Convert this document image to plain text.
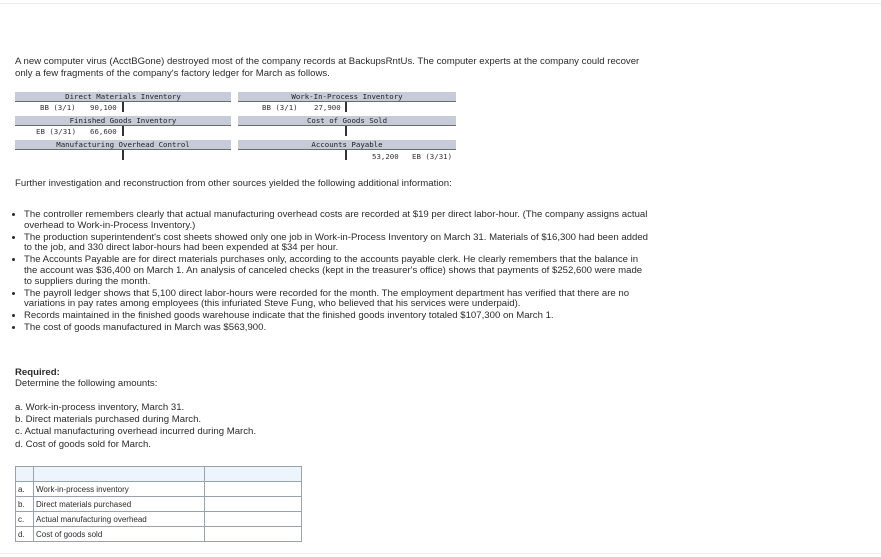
A new computer virus (AcctBGone) destroyed most of the company records at BackupsRntUs. The computer experts at the company could recover only a few fragments of the company's factory ledger for March as follows.
Direct Materials Inventory
BB (3/1) 90,100
Work-In-Process Inventory
BB (3/1) 27,900
Finished Goods Inventory
EB (3/31) 66,600
Cost of Goods Sold
Manufacturing Overhead Control	Accounts Payable
53,200 EB (3/31)
Further investigation and reconstruction from other sources yielded the following additional information:
• The controller remembers clearly that actual manufacturing overhead costs are recorded at $19 per direct labor-hour. (The company assigns actual overhead to Work-in-Process Inventory.)
• The production superintendent's cost sheets showed only one job in Work-in-Process Inventory on March 31. Materials of $16,300 had been added to the job, and 330 direct labor-hours had been expended at $34 per hour.
• The Accounts Payable are for direct materials purchases only, according to the accounts payable clerk. He clearly remembers that the balance in the account was $36,400 on March 1. An analysis of canceled checks (kept in the treasurer's office) shows that payments of $252,600 were made to suppliers during the month.
• The payroll ledger shows that 5,100 direct labor-hours were recorded for the month. The employment department has verified that there are no variations in pay rates among employees (this infuriated Steve Fung, who believed that his services were underpaid).
• Records maintained in the finished goods warehouse indicate that the finished goods inventory totaled $107,300 on March 1.
• The cost of goods manufactured in March was $563,900.
Required:
Determine the following amounts:
a. Work-in-process inventory, March 31.
b. Direct materials purchased during March.
c. Actual manufacturing overhead incurred during March.
d. Cost of goods sold for March.

a.	Work-in-process inventory	
b.	Direct materials purchased	
c.	Actual manufacturing overhead	
d.	Cost of goods sold	
